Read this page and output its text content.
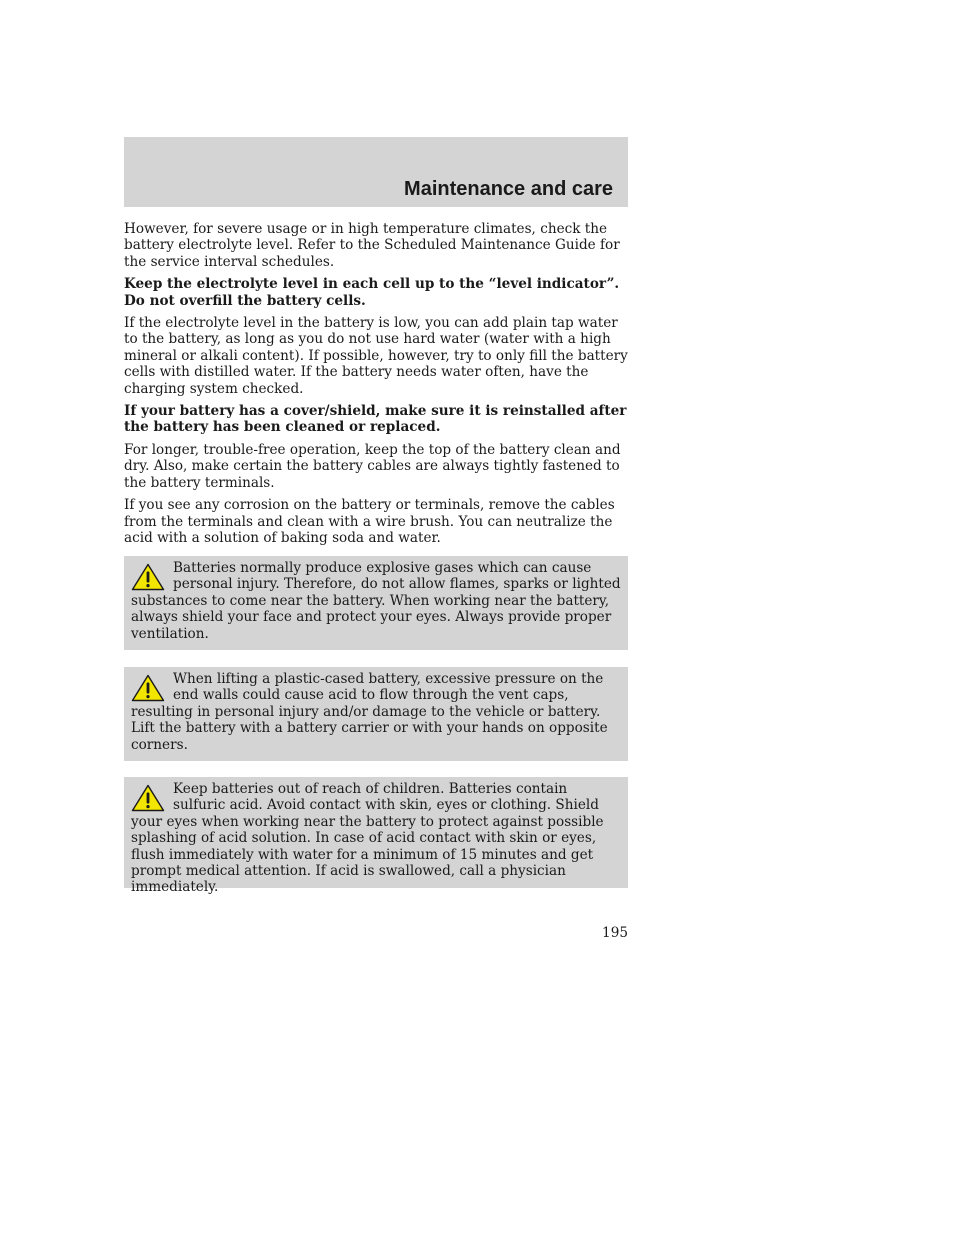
Maintenance and care

However, for severe usage or in high temperature climates, check the battery electrolyte level. Refer to the Scheduled Maintenance Guide for the service interval schedules.

Keep the electrolyte level in each cell up to the “level indicator”. Do not overfill the battery cells.

If the electrolyte level in the battery is low, you can add plain tap water to the battery, as long as you do not use hard water (water with a high mineral or alkali content). If possible, however, try to only fill the battery cells with distilled water. If the battery needs water often, have the charging system checked.

If your battery has a cover/shield, make sure it is reinstalled after the battery has been cleaned or replaced.

For longer, trouble-free operation, keep the top of the battery clean and dry. Also, make certain the battery cables are always tightly fastened to the battery terminals.

If you see any corrosion on the battery or terminals, remove the cables from the terminals and clean with a wire brush. You can neutralize the acid with a solution of baking soda and water.

Batteries normally produce explosive gases which can cause personal injury. Therefore, do not allow flames, sparks or lighted substances to come near the battery. When working near the battery, always shield your face and protect your eyes. Always provide proper ventilation.

When lifting a plastic-cased battery, excessive pressure on the end walls could cause acid to flow through the vent caps, resulting in personal injury and/or damage to the vehicle or battery. Lift the battery with a battery carrier or with your hands on opposite corners.

Keep batteries out of reach of children. Batteries contain sulfuric acid. Avoid contact with skin, eyes or clothing. Shield your eyes when working near the battery to protect against possible splashing of acid solution. In case of acid contact with skin or eyes, flush immediately with water for a minimum of 15 minutes and get prompt medical attention. If acid is swallowed, call a physician immediately.

195
